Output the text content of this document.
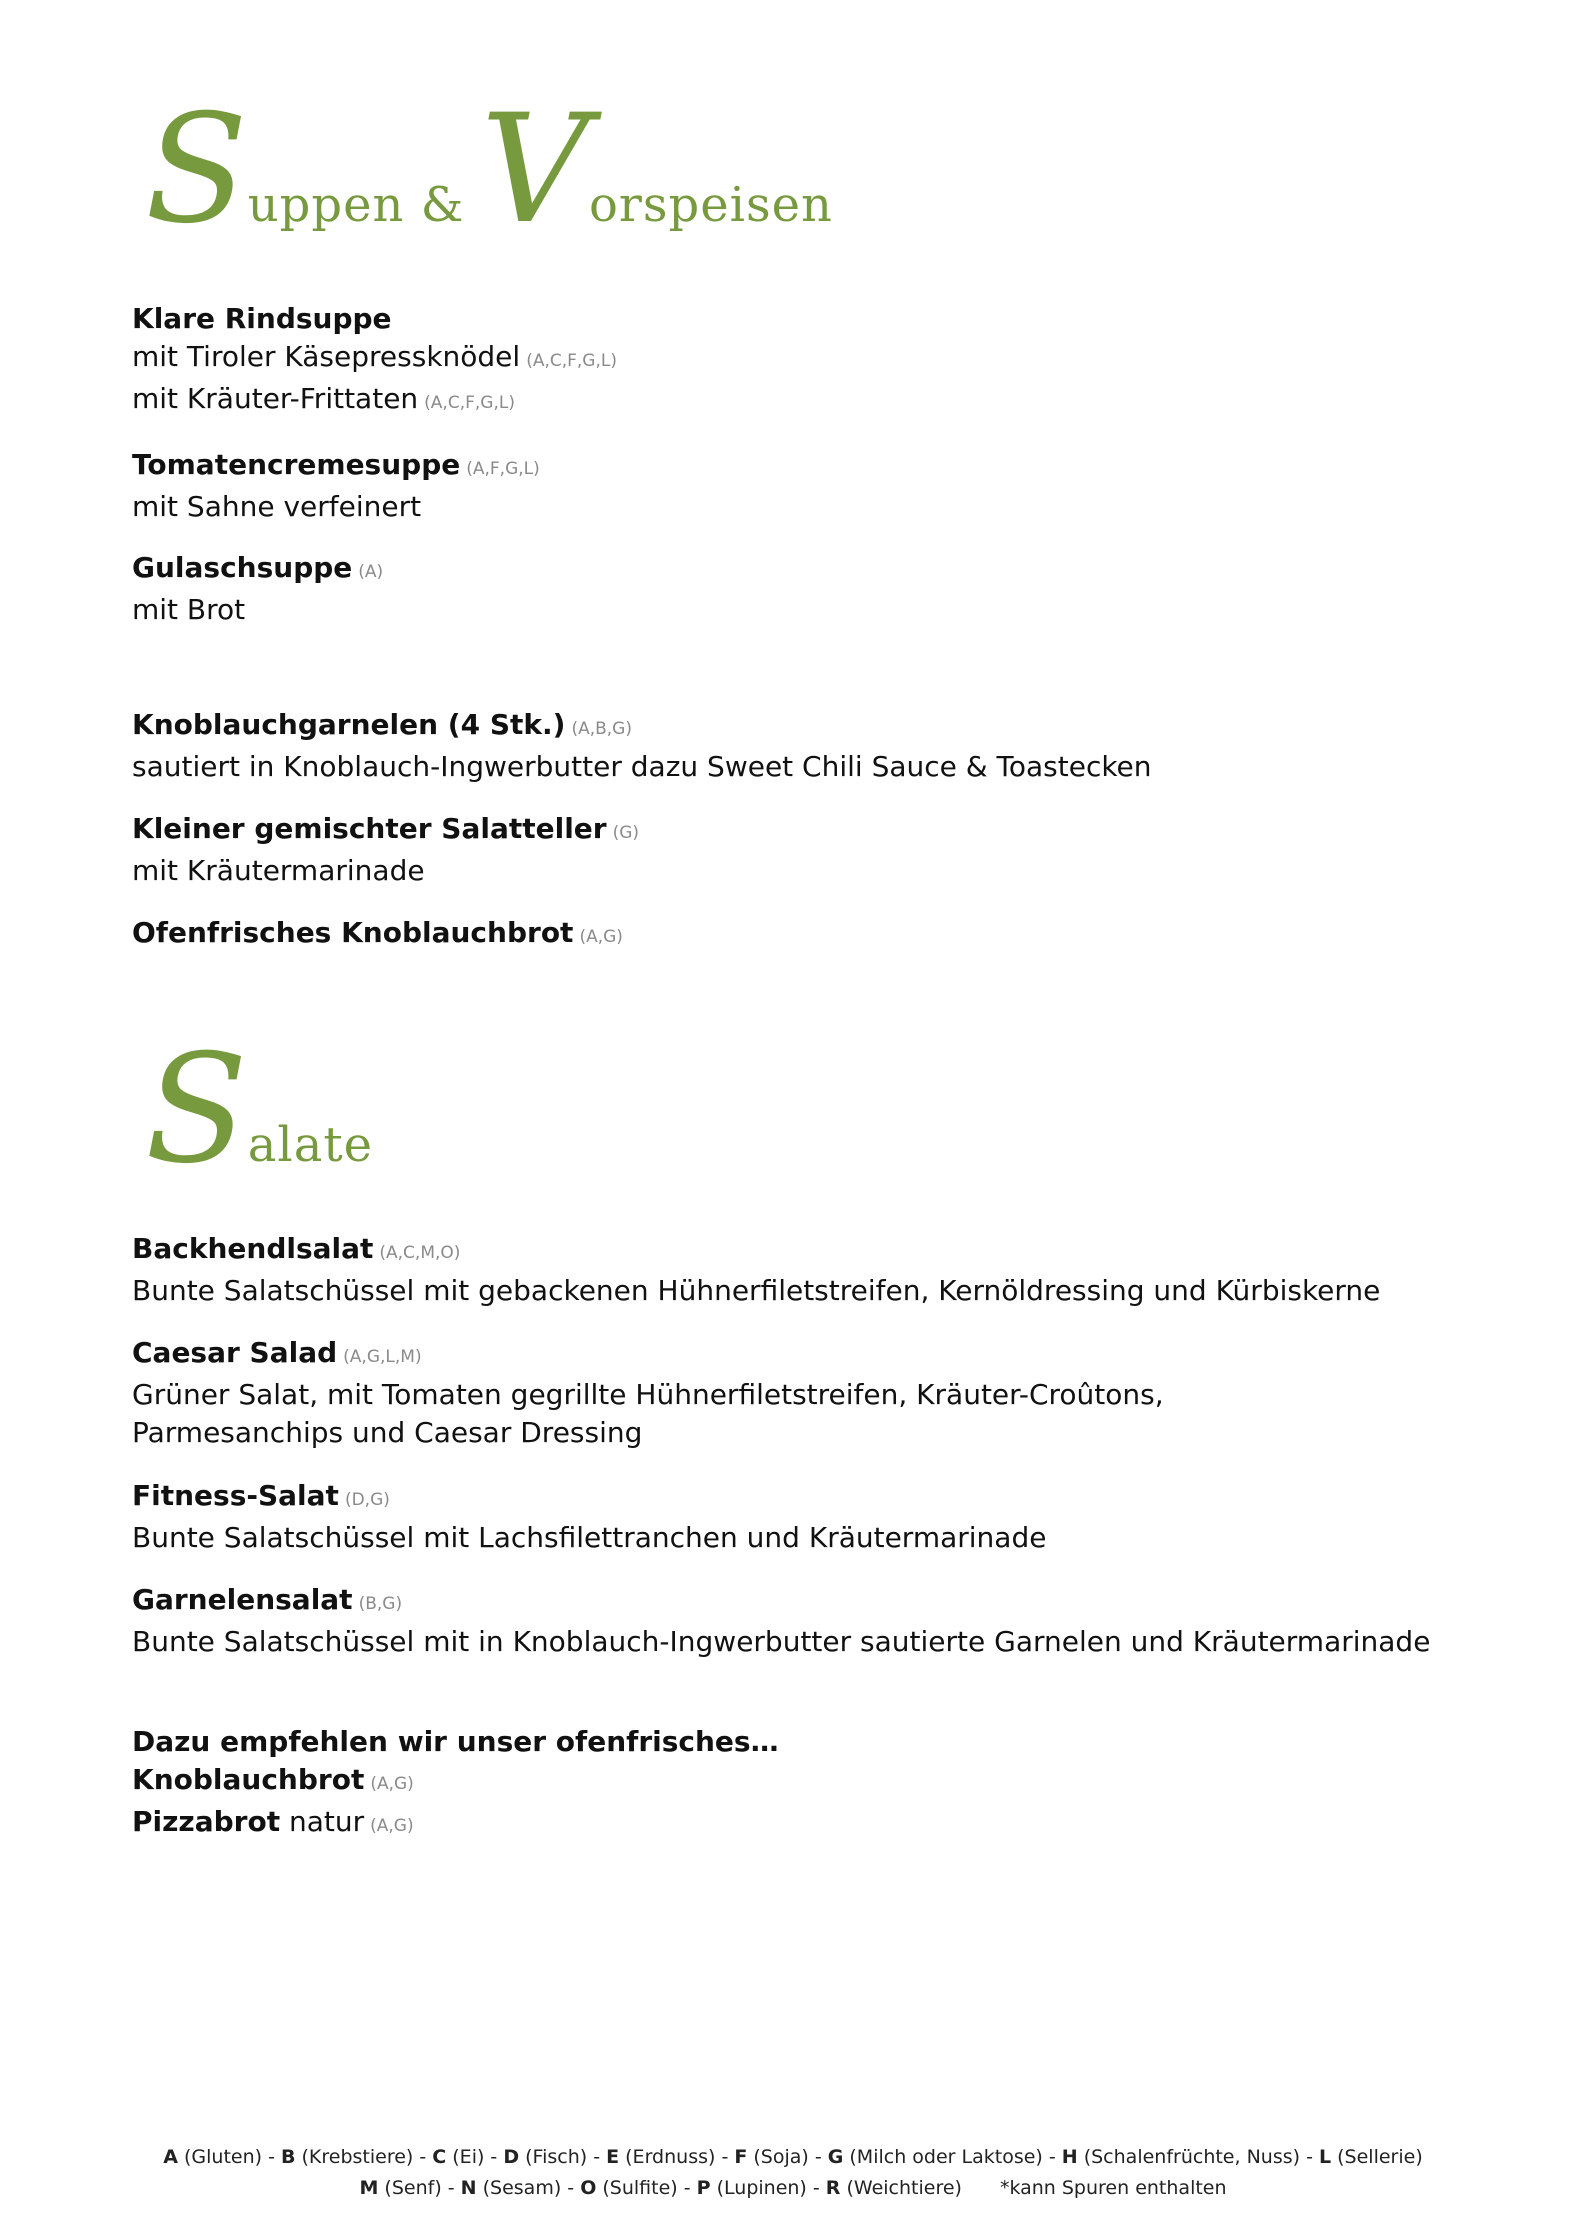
Suppen & Vorspeisen
Klare Rindsuppe
mit Tiroler Käsepressknödel (A,C,F,G,L)
mit Kräuter-Frittaten (A,C,F,G,L)
Tomatencremesuppe (A,F,G,L)
mit Sahne verfeinert
Gulaschsuppe (A)
mit Brot
Knoblauchgarnelen (4 Stk.) (A,B,G)
sautiert in Knoblauch-Ingwerbutter dazu Sweet Chili Sauce & Toastecken
Kleiner gemischter Salatteller (G)
mit Kräutermarinade
Ofenfrisches Knoblauchbrot (A,G)
Salate
Backhendlsalat (A,C,M,O)
Bunte Salatschüssel mit gebackenen Hühnerfiletstreifen, Kernöldressing und Kürbiskerne
Caesar Salad (A,G,L,M)
Grüner Salat, mit Tomaten gegrillte Hühnerfiletstreifen, Kräuter-Croûtons,
Parmesanchips und Caesar Dressing
Fitness-Salat (D,G)
Bunte Salatschüssel mit Lachsfilettranchen und Kräutermarinade
Garnelensalat (B,G)
Bunte Salatschüssel mit in Knoblauch-Ingwerbutter sautierte Garnelen und Kräutermarinade
Dazu empfehlen wir unser ofenfrisches…
Knoblauchbrot (A,G)
Pizzabrot natur (A,G)
A (Gluten) - B (Krebstiere) - C (Ei) - D (Fisch) - E (Erdnuss) - F (Soja) - G (Milch oder Laktose) - H (Schalenfrüchte, Nuss) - L (Sellerie)
M (Senf) - N (Sesam) - O (Sulfite) - P (Lupinen) - R (Weichtiere) *kann Spuren enthalten
